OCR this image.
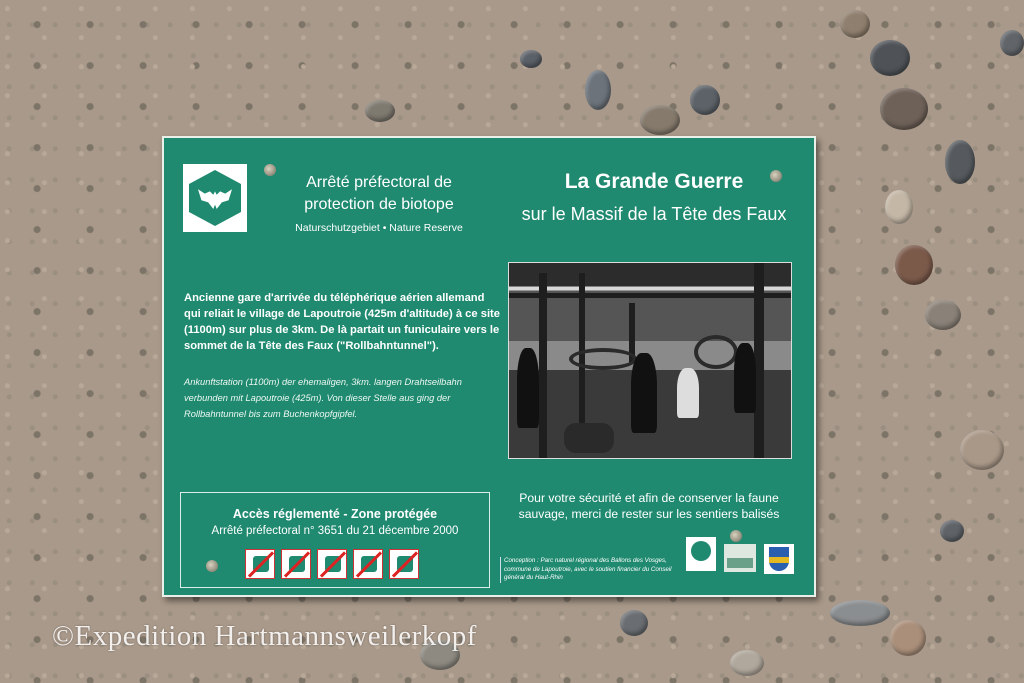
Arrêté préfectoral de
protection de biotope
Naturschutzgebiet • Nature Reserve
La Grande Guerre
sur le Massif de la Tête des Faux
Ancienne gare d'arrivée du téléphérique aérien allemand qui reliait le village de Lapoutroie (425m d'altitude) à ce site (1100m) sur plus de 3km. De là partait un funiculaire vers le sommet de la Tête des Faux ("Rollbahntunnel").
Ankunftstation (1100m) der ehemaligen, 3km. langen Drahtseilbahn verbunden mit Lapoutroie (425m). Von dieser Stelle aus ging der Rollbahntunnel bis zum Buchenkopfgipfel.
Accès réglementé - Zone protégée
Arrêté préfectoral n° 3651 du 21 décembre 2000
Pour votre sécurité et afin de conserver la faune sauvage, merci de rester sur les sentiers balisés
Conception : Parc naturel régional des Ballons des Vosges, commune de Lapoutroie, avec le soutien financier du Conseil général du Haut-Rhin
©Expedition Hartmannsweilerkopf
